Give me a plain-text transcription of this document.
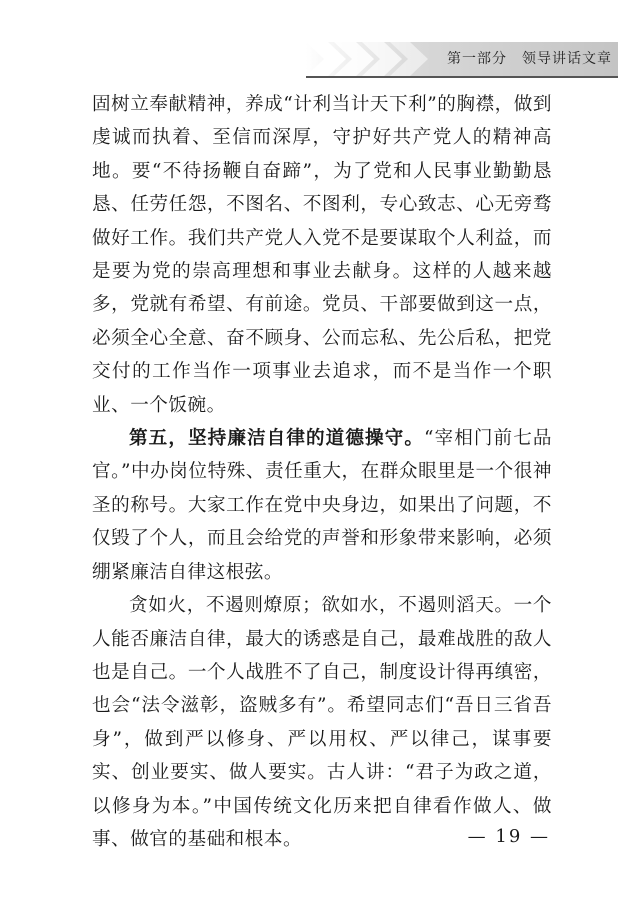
第一部分　领导讲话文章

固树立奉献精神，养成“计利当计天下利”的胸襟，做到虔诚而执着、至信而深厚，守护好共产党人的精神高地。要“不待扬鞭自奋蹄”，为了党和人民事业勤勤恳恳、任劳任怨，不图名、不图利，专心致志、心无旁骛做好工作。我们共产党人入党不是要谋取个人利益，而是要为党的崇高理想和事业去献身。这样的人越来越多，党就有希望、有前途。党员、干部要做到这一点，必须全心全意、奋不顾身、公而忘私、先公后私，把党交付的工作当作一项事业去追求，而不是当作一个职业、一个饭碗。

第五，坚持廉洁自律的道德操守。“宰相门前七品官。”中办岗位特殊、责任重大，在群众眼里是一个很神圣的称号。大家工作在党中央身边，如果出了问题，不仅毁了个人，而且会给党的声誉和形象带来影响，必须绷紧廉洁自律这根弦。

贪如火，不遏则燎原；欲如水，不遏则滔天。一个人能否廉洁自律，最大的诱惑是自己，最难战胜的敌人也是自己。一个人战胜不了自己，制度设计得再缜密，也会“法令滋彰，盗贼多有”。希望同志们“吾日三省吾身”，做到严以修身、严以用权、严以律己，谋事要实、创业要实、做人要实。古人讲：“君子为政之道，以修身为本。”中国传统文化历来把自律看作做人、做事、做官的基础和根本。	— 19 —
